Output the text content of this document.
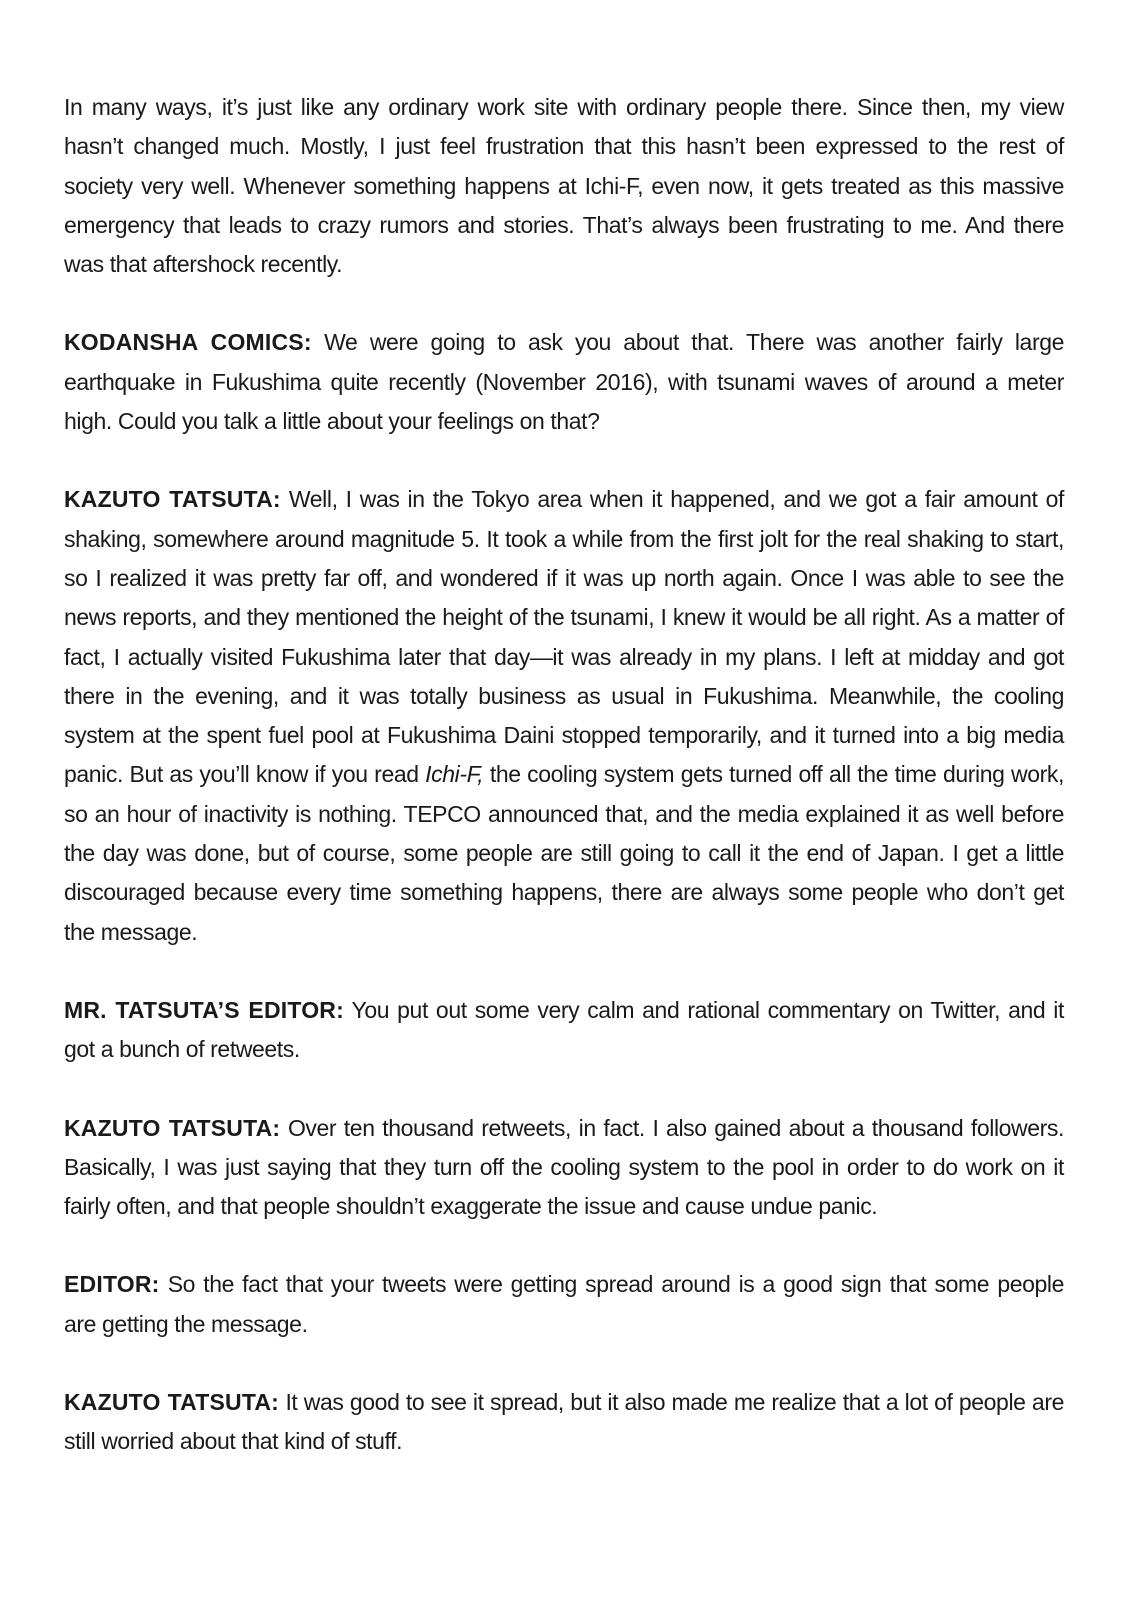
In many ways, it’s just like any ordinary work site with ordinary people there. Since then, my view hasn’t changed much. Mostly, I just feel frustration that this hasn’t been expressed to the rest of society very well. Whenever something happens at Ichi-F, even now, it gets treated as this massive emergency that leads to crazy rumors and stories. That’s always been frustrating to me. And there was that aftershock recently.

KODANSHA COMICS: We were going to ask you about that. There was another fairly large earthquake in Fukushima quite recently (November 2016), with tsunami waves of around a meter high. Could you talk a little about your feelings on that?

KAZUTO TATSUTA: Well, I was in the Tokyo area when it happened, and we got a fair amount of shaking, somewhere around magnitude 5. It took a while from the first jolt for the real shaking to start, so I realized it was pretty far off, and wondered if it was up north again. Once I was able to see the news reports, and they mentioned the height of the tsunami, I knew it would be all right. As a matter of fact, I actually visited Fukushima later that day—it was already in my plans. I left at midday and got there in the evening, and it was totally business as usual in Fukushima. Meanwhile, the cooling system at the spent fuel pool at Fukushima Daini stopped temporarily, and it turned into a big media panic. But as you’ll know if you read Ichi-F, the cooling system gets turned off all the time during work, so an hour of inactivity is nothing. TEPCO announced that, and the media explained it as well before the day was done, but of course, some people are still going to call it the end of Japan. I get a little discouraged because every time something happens, there are always some people who don’t get the message.

MR. TATSUTA’S EDITOR: You put out some very calm and rational commentary on Twitter, and it got a bunch of retweets.

KAZUTO TATSUTA: Over ten thousand retweets, in fact. I also gained about a thousand followers. Basically, I was just saying that they turn off the cooling system to the pool in order to do work on it fairly often, and that people shouldn’t exaggerate the issue and cause undue panic.

EDITOR: So the fact that your tweets were getting spread around is a good sign that some people are getting the message.

KAZUTO TATSUTA: It was good to see it spread, but it also made me realize that a lot of people are still worried about that kind of stuff.
